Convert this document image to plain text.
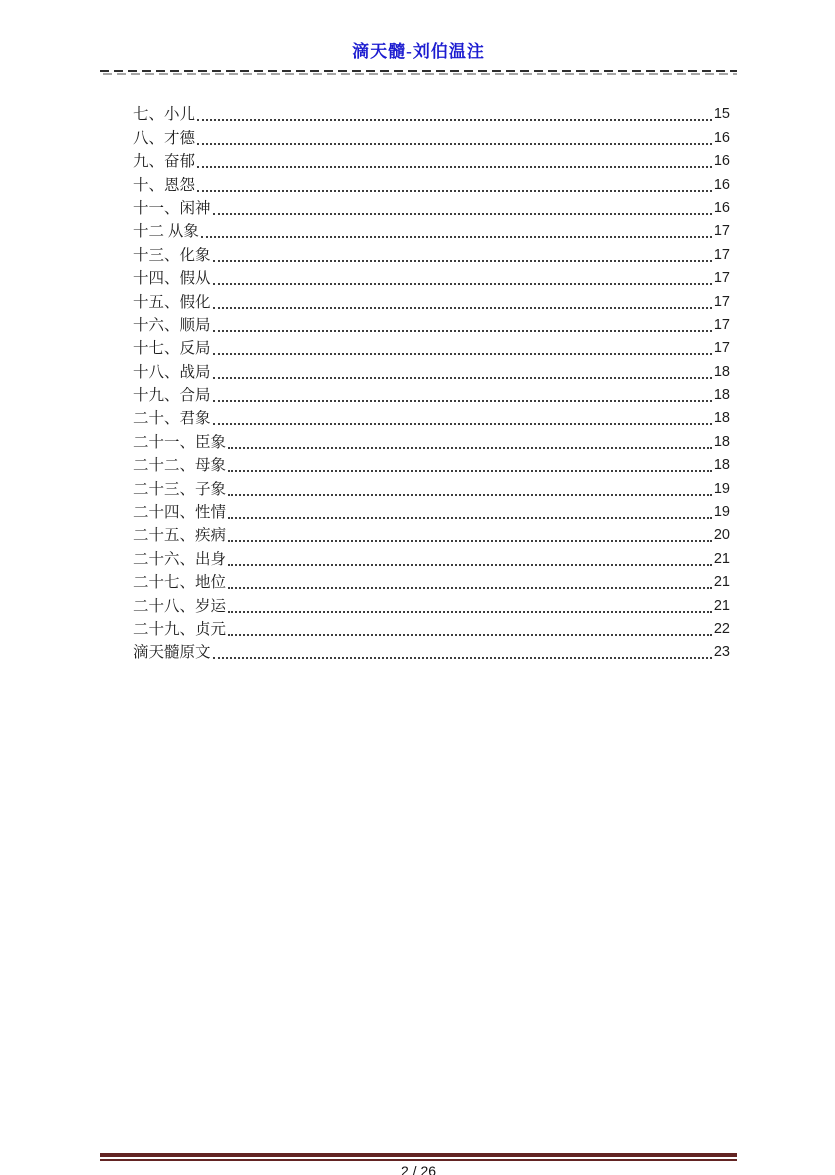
滴天髓-刘伯温注
七、小儿	15
八、才德	16
九、奋郁	16
十、恩怨	16
十一、闲神	16
十二 从象	17
十三、化象	17
十四、假从	17
十五、假化	17
十六、顺局	17
十七、反局	17
十八、战局	18
十九、合局	18
二十、君象	18
二十一、臣象	18
二十二、母象	18
二十三、子象	19
二十四、性情	19
二十五、疾病	20
二十六、出身	21
二十七、地位	21
二十八、岁运	21
二十九、贞元	22
滴天髓原文	23
2 / 26
